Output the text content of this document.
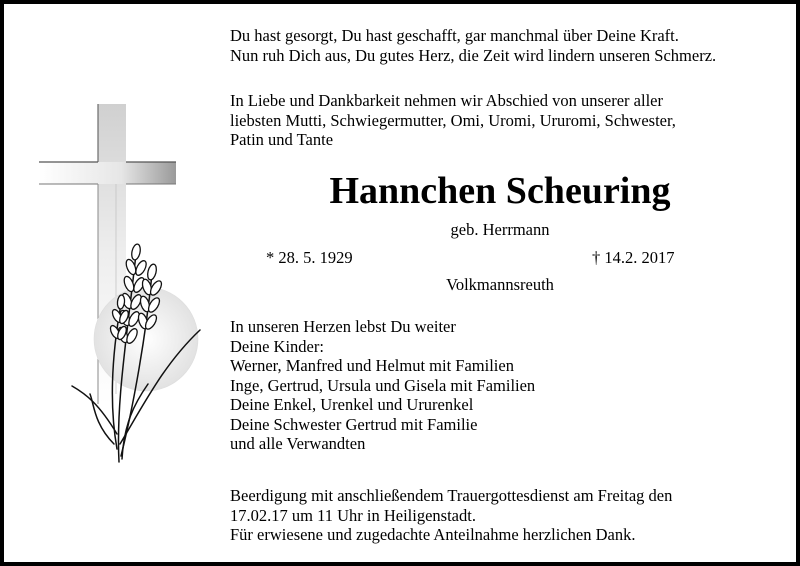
Du hast gesorgt, Du hast geschafft, gar manchmal über Deine Kraft.
Nun ruh Dich aus, Du gutes Herz, die Zeit wird lindern unseren Schmerz.
In Liebe und Dankbarkeit nehmen wir Abschied von unserer aller
liebsten Mutti, Schwiegermutter, Omi, Uromi, Ururomi, Schwester,
Patin und Tante
Hannchen Scheuring
geb. Herrmann
* 28. 5. 1929	† 14.2. 2017
Volkmannsreuth
In unseren Herzen lebst Du weiter
Deine Kinder:
Werner, Manfred und Helmut mit Familien
Inge, Gertrud, Ursula und Gisela mit Familien
Deine Enkel, Urenkel und Ururenkel
Deine Schwester Gertrud mit Familie
und alle Verwandten
Beerdigung mit anschließendem Trauergottesdienst am Freitag den
17.02.17 um 11 Uhr in Heiligenstadt.
Für erwiesene und zugedachte Anteilnahme herzlichen Dank.
